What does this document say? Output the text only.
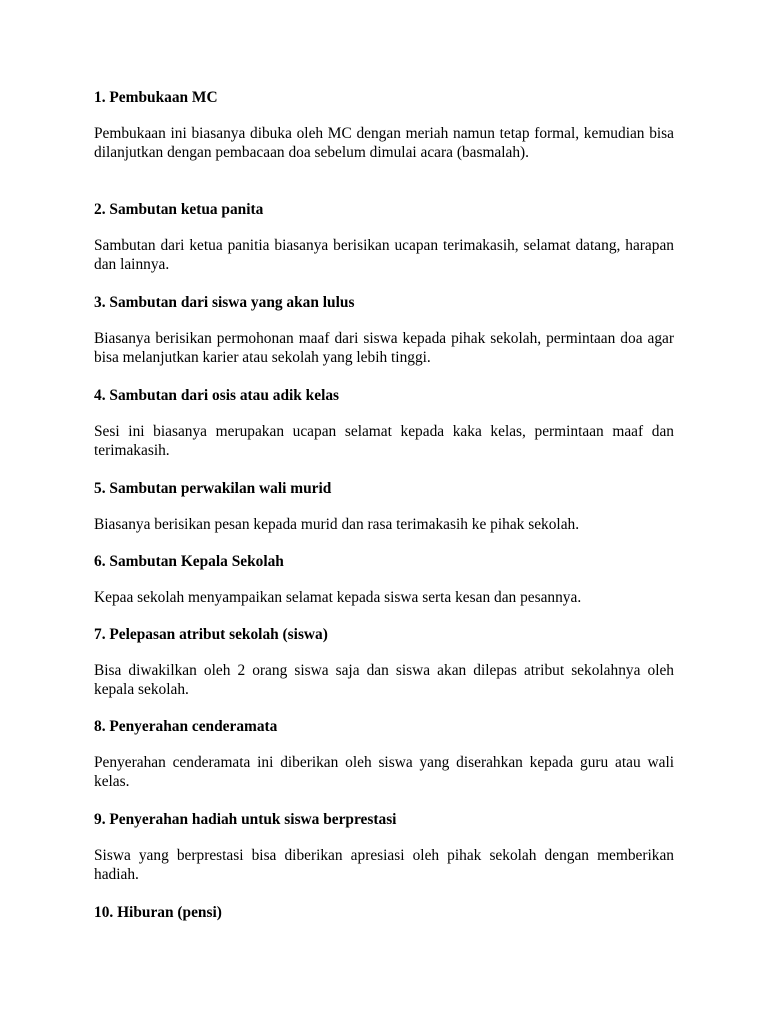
1. Pembukaan MC

Pembukaan ini biasanya dibuka oleh MC dengan meriah namun tetap formal, kemudian bisa dilanjutkan dengan pembacaan doa sebelum dimulai acara (basmalah).

2. Sambutan ketua panita

Sambutan dari ketua panitia biasanya berisikan ucapan terimakasih, selamat datang, harapan dan lainnya.

3. Sambutan dari siswa yang akan lulus

Biasanya berisikan permohonan maaf dari siswa kepada pihak sekolah, permintaan doa agar bisa melanjutkan karier atau sekolah yang lebih tinggi.

4. Sambutan dari osis atau adik kelas

Sesi ini biasanya merupakan ucapan selamat kepada kaka kelas, permintaan maaf dan terimakasih.

5. Sambutan perwakilan wali murid

Biasanya berisikan pesan kepada murid dan rasa terimakasih ke pihak sekolah.

6. Sambutan Kepala Sekolah

Kepaa sekolah menyampaikan selamat kepada siswa serta kesan dan pesannya.

7. Pelepasan atribut sekolah (siswa)

Bisa diwakilkan oleh 2 orang siswa saja dan siswa akan dilepas atribut sekolahnya oleh kepala sekolah.

8. Penyerahan cenderamata

Penyerahan cenderamata ini diberikan oleh siswa yang diserahkan kepada guru atau wali kelas.

9. Penyerahan hadiah untuk siswa berprestasi

Siswa yang berprestasi bisa diberikan apresiasi oleh pihak sekolah dengan memberikan hadiah.

10. Hiburan (pensi)
